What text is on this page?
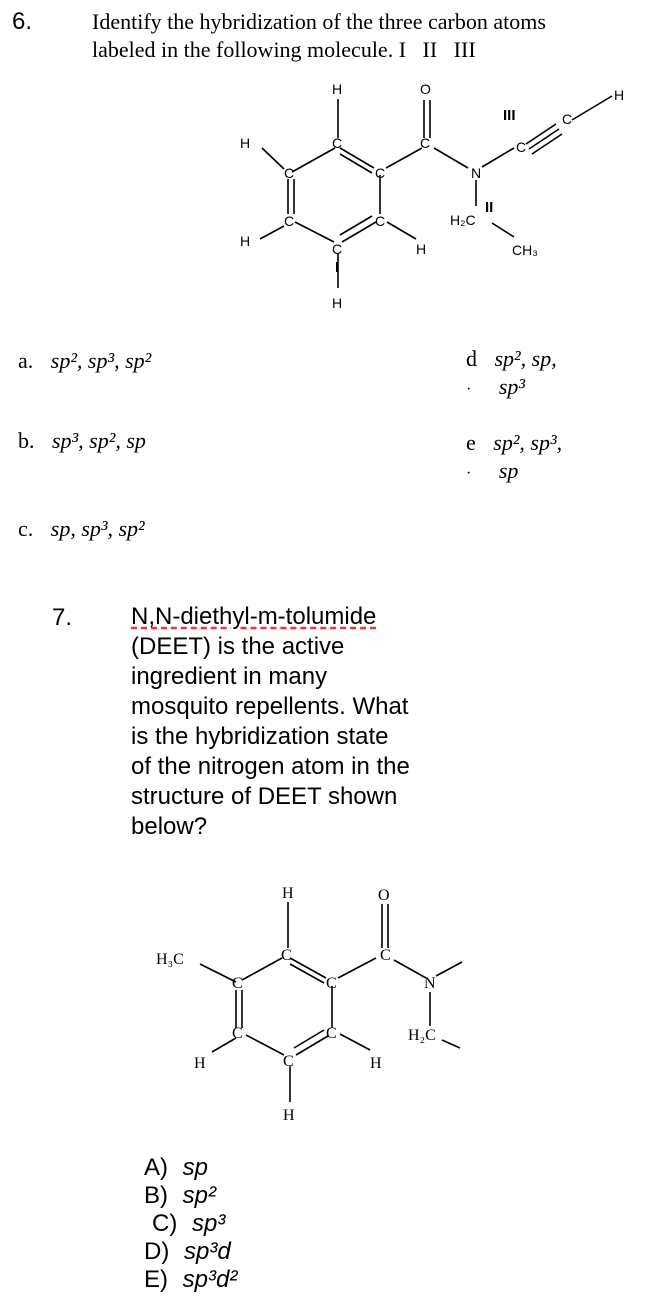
6.	Identify the hybridization of the three carbon atoms
labeled in the following molecule. I   II   III
H
C
H
C	C
C	C
C
H	H
H
O
C
N
C
C
H
H₂C
CH₃
I
II
III
a. sp², sp³, sp²
b. sp³, sp², sp
c. sp, sp³, sp²
d sp², sp,
· sp³
e sp², sp³,
· sp
7. N,N-diethyl-m-tolumide
(DEET) is the active
ingredient in many
mosquito repellents. What
is the hybridization state
of the nitrogen atom in the
structure of DEET shown
below?
H
C
H₃C
C	C
C	C
C
H	H
H
O
C
N
H₂C
A) sp
B) sp²
C) sp³
D) sp³d
E) sp³d²
